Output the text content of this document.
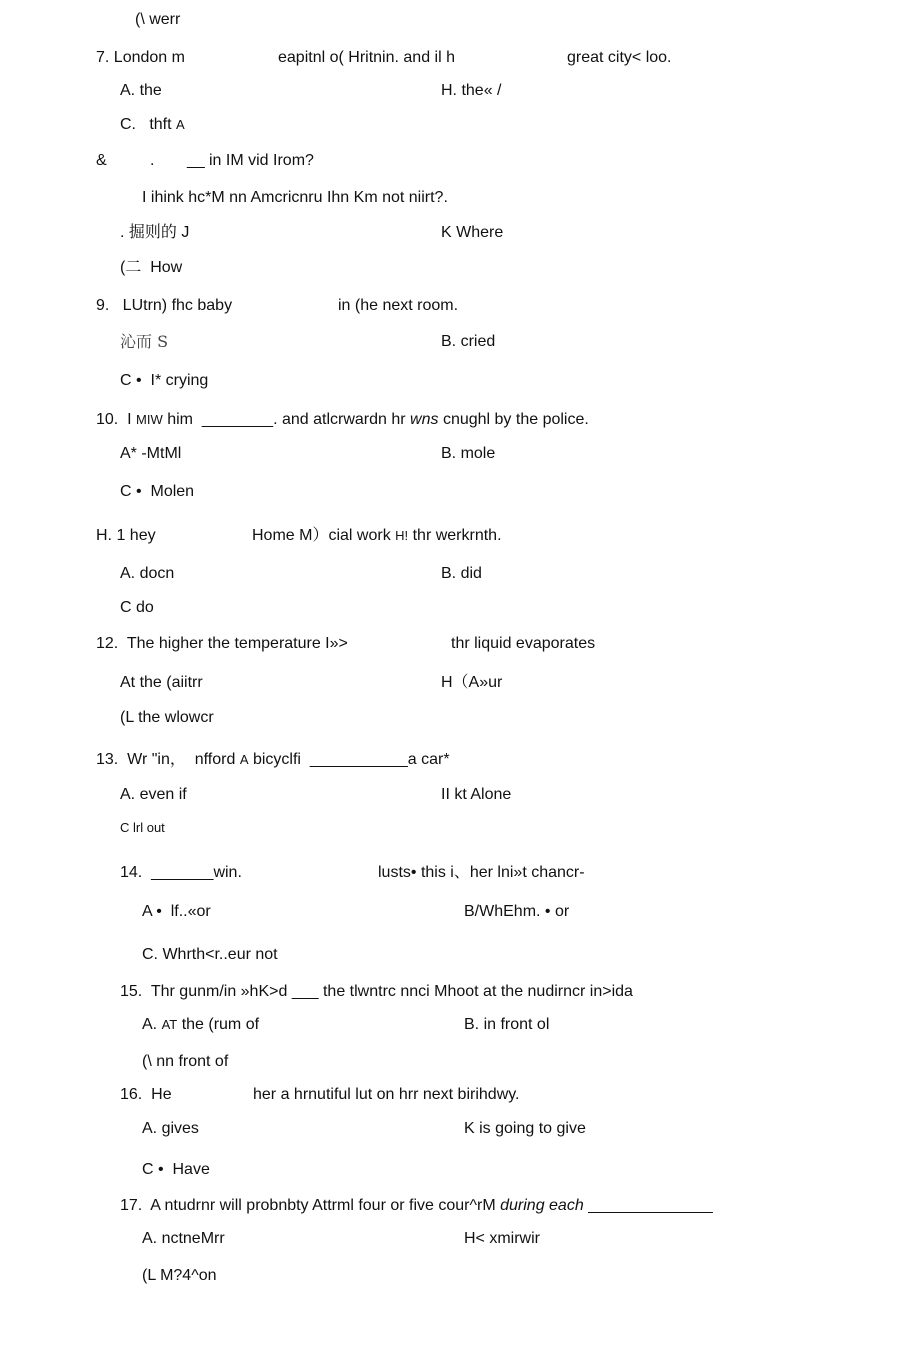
(\ werr
7. London m	eapitnl o( Hritnin. and il h	great city< loo.
A. the	H. the« /
C.   thft A
&	. __ in IM vid Irom?
I ihink hc*M nn Amcricnru Ihn Km not niirt?.
. 掘则的 J	K Where
(二  How
9.   LUtrn) fhc baby	in (he next room.
沁而 S	B. cried
C •  I* crying
10.  I MIW him ________. and atlcrwardn hr wns cnughl by the police.
A* -MtMl	B. mole
C •  Molen
H. 1 hey	Home M）cial work H! thr werkrnth.
A. docn	B. did
C do
12.  The higher the temperature I»>	thr liquid evaporates
At the (aiitrr	H（A»ur
(L the wlowcr
13.  Wr "in，  nfford A bicyclfi ___________a car*
A. even if	II kt Alone
C lrl out
14. _______win.	lusts• this i、her lni»t chancr-
A •  lf..«or	B/WhEhm. • or
C. Whrth<r..eur not
15.  Thr gunm/in »hK>d ___ the tlwntrc nnci Mhoot at the nudirncr in>ida
A. AT the (rum of	B. in front ol
(\ nn front of
16.  He	her a hrnutiful lut on hrr next birihdwy.
A. gives	K is going to give
C •  Have
17.  A ntudrnr will probnbty Attrml four or five cour^rM during each ______________
A. nctneMrr	H< xmirwir
(L M?4^on
